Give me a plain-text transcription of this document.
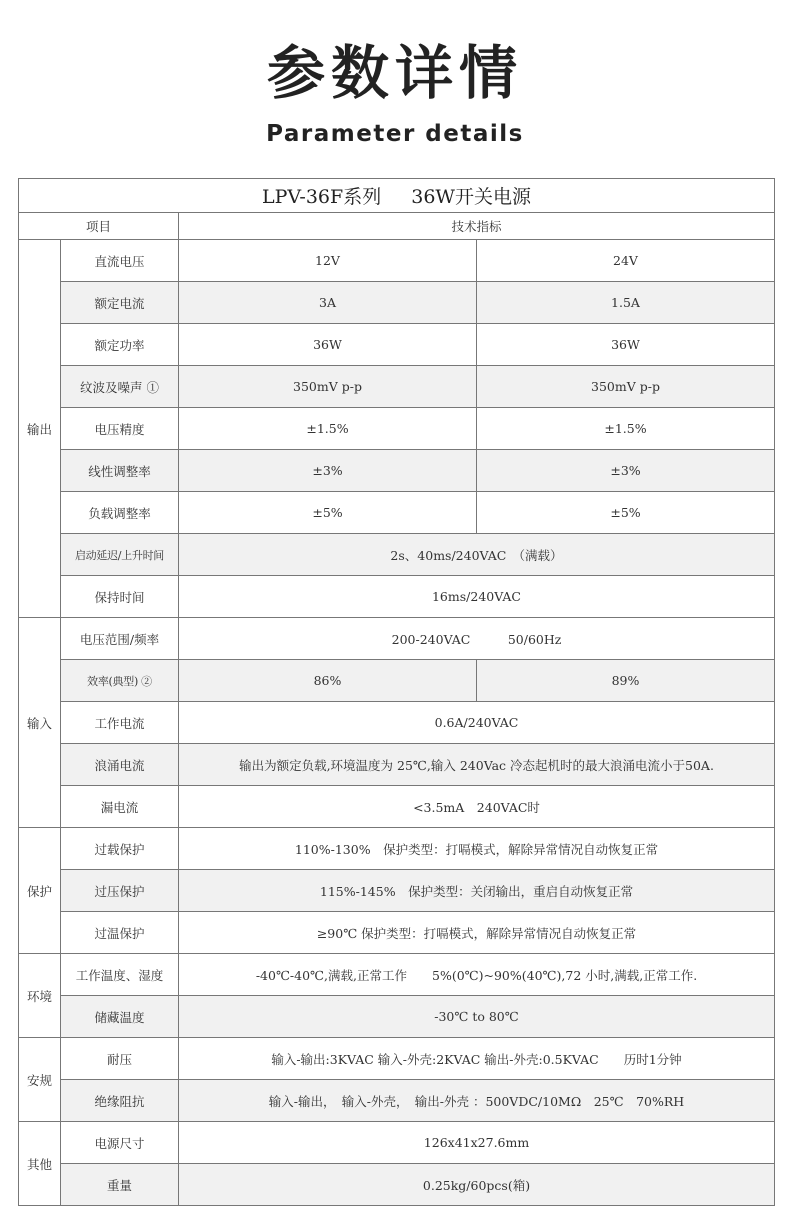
参数详情
Parameter details
LPV-36F系列 36W开关电源			
项目		技术指标	
输出	直流电压	12V	24V
	额定电流	3A	1.5A
	额定功率	36W	36W
	纹波及噪声 ①	350mV p-p	350mV p-p
	电压精度	±1.5%	±1.5%
	线性调整率	±3%	±3%
	负载调整率	±5%	±5%
	启动延迟/上升时间	2s、40ms/240VAC　（满载）	
	保持时间	16ms/240VAC	
输入	电压范围/频率	200-240VAC　　　50/60Hz	
	效率(典型) ②	86%	89%
	工作电流	0.6A/240VAC	
	浪涌电流	输出为额定负载,环境温度为 25℃,输入 240Vac 冷态起机时的最大浪涌电流小于50A.	
	漏电流	<3.5mA　240VAC时	
保护	过载保护	110%-130%　保护类型：打嗝模式，解除异常情况自动恢复正常	
	过压保护	115%-145%　保护类型：关闭输出，重启自动恢复正常	
	过温保护	≥90℃ 保护类型：打嗝模式，解除异常情况自动恢复正常	
环境	工作温度、湿度	-40℃-40℃,满载,正常工作　　5%(0℃)~90%(40℃),72 小时,满载,正常工作.	
	储藏温度	-30℃ to 80℃	
安规	耐压	输入-输出:3KVAC 输入-外壳:2KVAC 输出-外壳:0.5KVAC　　历时1分钟	
	绝缘阻抗	输入-输出，　输入-外壳，　输出-外壳 ：500VDC/10MΩ　25℃　70%RH	
其他	电源尺寸	126x41x27.6mm	
	重量	0.25kg/60pcs(箱)	
